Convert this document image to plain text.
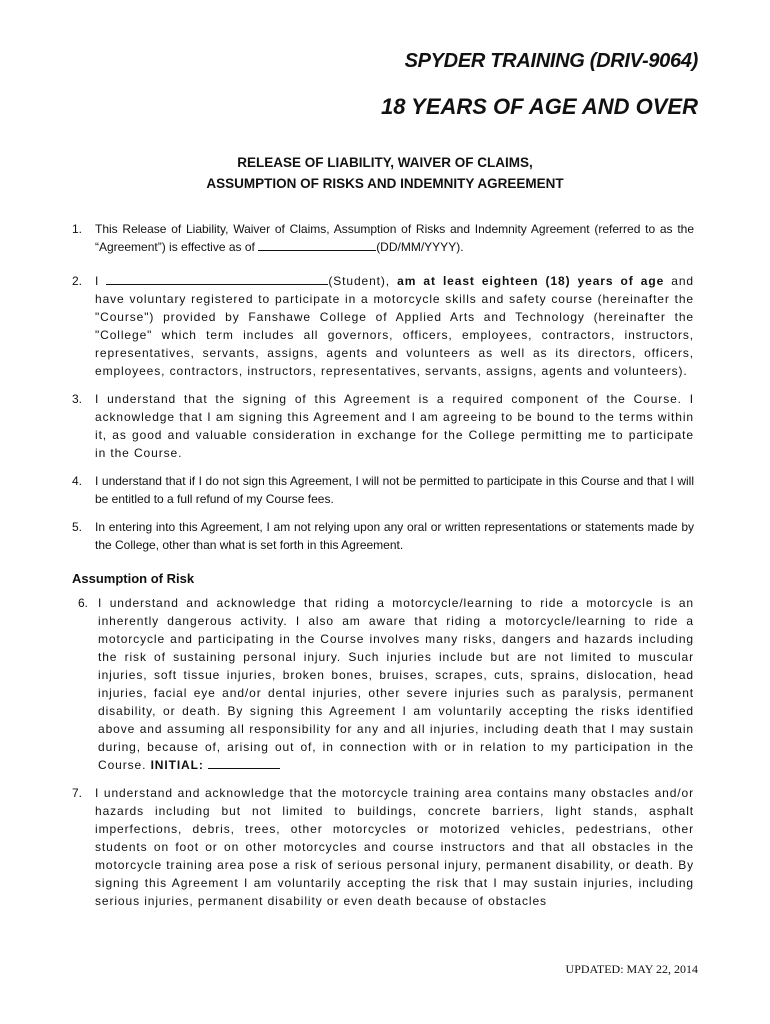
SPYDER TRAINING (DRIV-9064)
18 YEARS OF AGE AND OVER
RELEASE OF LIABILITY, WAIVER OF CLAIMS,
ASSUMPTION OF RISKS AND INDEMNITY AGREEMENT
1.	This Release of Liability, Waiver of Claims, Assumption of Risks and Indemnity Agreement (referred to as the “Agreement”) is effective as of	(DD/MM/YYYY).
2.	I	(Student), am at least eighteen (18) years of age and have voluntary registered to participate in a motorcycle skills and safety course (hereinafter the "Course") provided by Fanshawe College of Applied Arts and Technology (hereinafter the "College" which term includes all governors, officers, employees, contractors, instructors, representatives, servants, assigns, agents and volunteers as well as its directors, officers, employees, contractors, instructors, representatives, servants, assigns, agents and volunteers).
3.	I understand that the signing of this Agreement is a required component of the Course. I acknowledge that I am signing this Agreement and I am agreeing to be bound to the terms within it, as good and valuable consideration in exchange for the College permitting me to participate in the Course.
4.	I understand that if I do not sign this Agreement, I will not be permitted to participate in this Course and that I will be entitled to a full refund of my Course fees.
5.	In entering into this Agreement, I am not relying upon any oral or written representations or statements made by the College, other than what is set forth in this Agreement.
Assumption of Risk
6. I understand and acknowledge that riding a motorcycle/learning to ride a motorcycle is an inherently dangerous activity. I also am aware that riding a motorcycle/learning to ride a motorcycle and participating in the Course involves many risks, dangers and hazards including the risk of sustaining personal injury. Such injuries include but are not limited to muscular injuries, soft tissue injuries, broken bones, bruises, scrapes, cuts, sprains, dislocation, head injuries, facial eye and/or dental injuries, other severe injuries such as paralysis, permanent disability, or death. By signing this Agreement I am voluntarily accepting the risks identified above and assuming all responsibility for any and all injuries, including death that I may sustain during, because of, arising out of, in connection with or in relation to my participation in the Course. INITIAL:
7.	I understand and acknowledge that the motorcycle training area contains many obstacles and/or hazards including but not limited to buildings, concrete barriers, light stands, asphalt imperfections, debris, trees, other motorcycles or motorized vehicles, pedestrians, other students on foot or on other motorcycles and course instructors and that all obstacles in the motorcycle training area pose a risk of serious personal injury, permanent disability, or death. By signing this Agreement I am voluntarily accepting the risk that I may sustain injuries, including serious injuries, permanent disability or even death because of obstacles
UPDATED: MAY 22, 2014
